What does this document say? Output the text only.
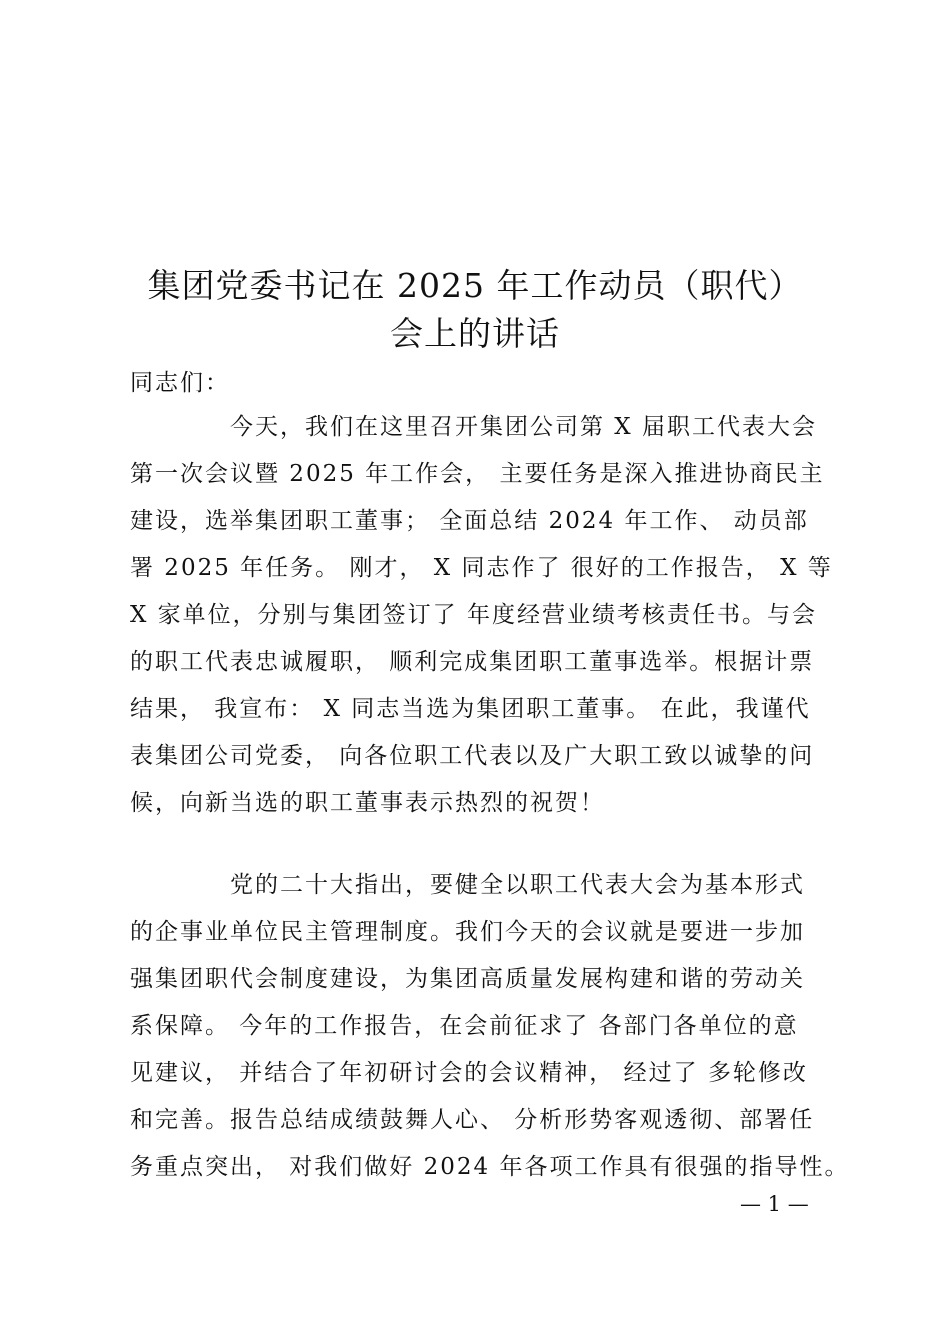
集团党委书记在 2025 年工作动员（职代）
会上的讲话
同志们：
今天，我们在这里召开集团公司第 X 届职工代表大会
第一次会议暨 2025 年工作会， 主要任务是深入推进协商民主
建设，选举集团职工董事； 全面总结 2024 年工作、 动员部
署 2025 年任务。 刚才， X 同志作了 很好的工作报告， X 等
X 家单位，分别与集团签订了 年度经营业绩考核责任书。与会
的职工代表忠诚履职， 顺利完成集团职工董事选举。根据计票
结果， 我宣布： X 同志当选为集团职工董事。 在此，我谨代
表集团公司党委， 向各位职工代表以及广大职工致以诚挚的问
候，向新当选的职工董事表示热烈的祝贺！
党的二十大指出，要健全以职工代表大会为基本形式
的企事业单位民主管理制度。我们今天的会议就是要进一步加
强集团职代会制度建设，为集团高质量发展构建和谐的劳动关
系保障。 今年的工作报告，在会前征求了 各部门各单位的意
见建议， 并结合了年初研讨会的会议精神， 经过了 多轮修改
和完善。报告总结成绩鼓舞人心、 分析形势客观透彻、部署任
务重点突出， 对我们做好 2024 年各项工作具有很强的指导性。
— 1 —
